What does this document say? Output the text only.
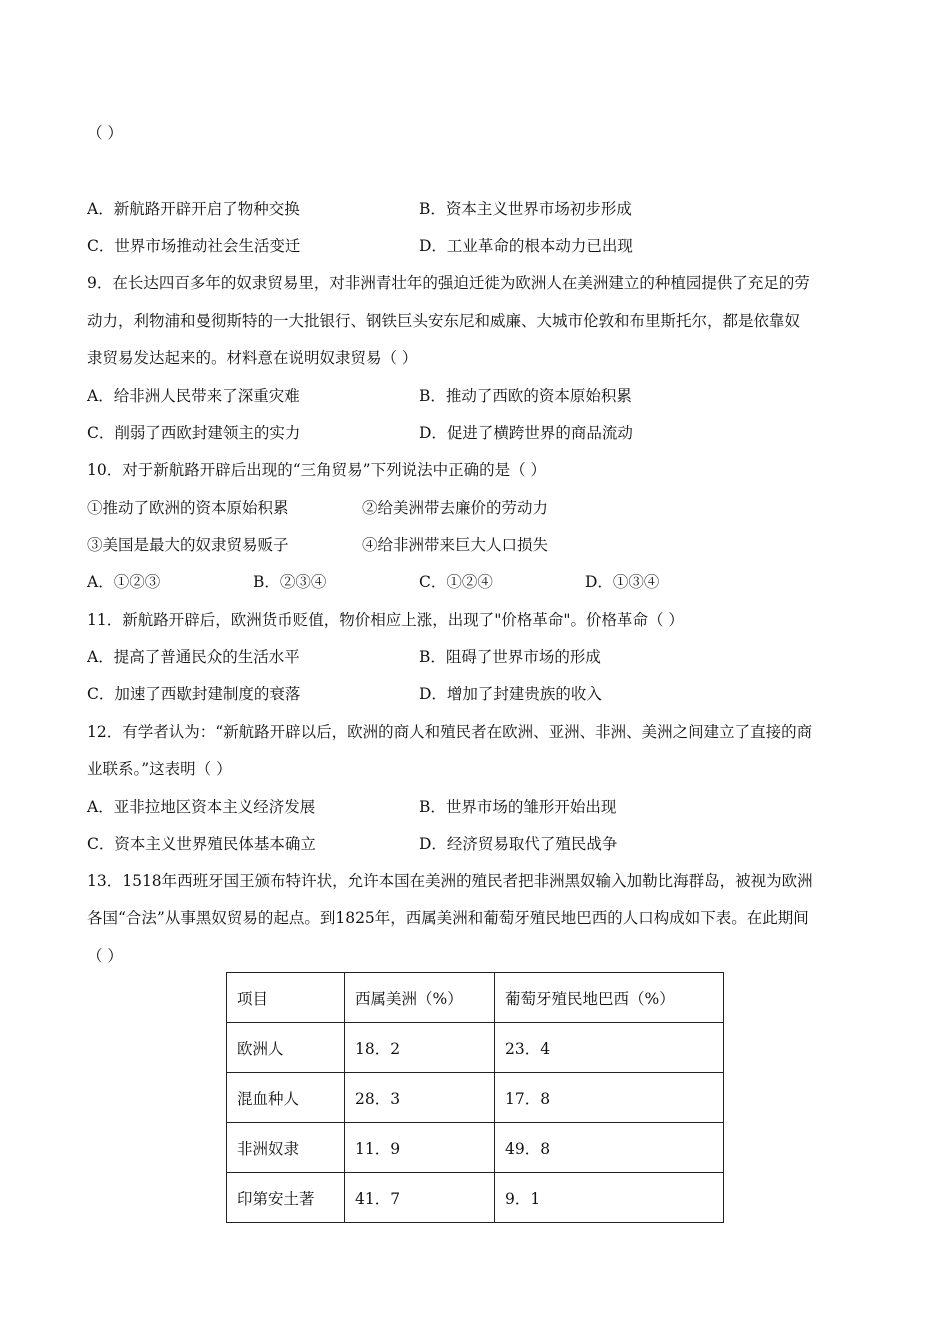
（ ）
A．新航路开辟开启了物种交换	B．资本主义世界市场初步形成
C．世界市场推动社会生活变迁	D．工业革命的根本动力已出现
9．在长达四百多年的奴隶贸易里，对非洲青壮年的强迫迁徙为欧洲人在美洲建立的种植园提供了充足的劳
动力，利物浦和曼彻斯特的一大批银行、钢铁巨头安东尼和威廉、大城市伦敦和布里斯托尔，都是依靠奴
隶贸易发达起来的。材料意在说明奴隶贸易（ ）
A．给非洲人民带来了深重灾难	B．推动了西欧的资本原始积累
C．削弱了西欧封建领主的实力	D．促进了横跨世界的商品流动
10．对于新航路开辟后出现的“三角贸易”下列说法中正确的是（ ）
①推动了欧洲的资本原始积累	②给美洲带去廉价的劳动力
③美国是最大的奴隶贸易贩子	④给非洲带来巨大人口损失
A．①②③	B．②③④	C．①②④	D．①③④
11．新航路开辟后，欧洲货币贬值，物价相应上涨，出现了"价格革命"。价格革命（ ）
A．提高了普通民众的生活水平	B．阻碍了世界市场的形成
C．加速了西歇封建制度的衰落	D．增加了封建贵族的收入
12．有学者认为：“新航路开辟以后，欧洲的商人和殖民者在欧洲、亚洲、非洲、美洲之间建立了直接的商
业联系。”这表明（ ）
A．亚非拉地区资本主义经济发展	B．世界市场的雏形开始出现
C．资本主义世界殖民体基本确立	D．经济贸易取代了殖民战争
13．1518年西班牙国王颁布特许状，允许本国在美洲的殖民者把非洲黑奴输入加勒比海群岛，被视为欧洲
各国“合法”从事黑奴贸易的起点。到1825年，西属美洲和葡萄牙殖民地巴西的人口构成如下表。在此期间
（ ）
项目	西属美洲（%）	葡萄牙殖民地巴西（%）
欧洲人	18．2	23．4
混血种人	28．3	17．8
非洲奴隶	11．9	49．8
印第安土著	41．7	9．1
